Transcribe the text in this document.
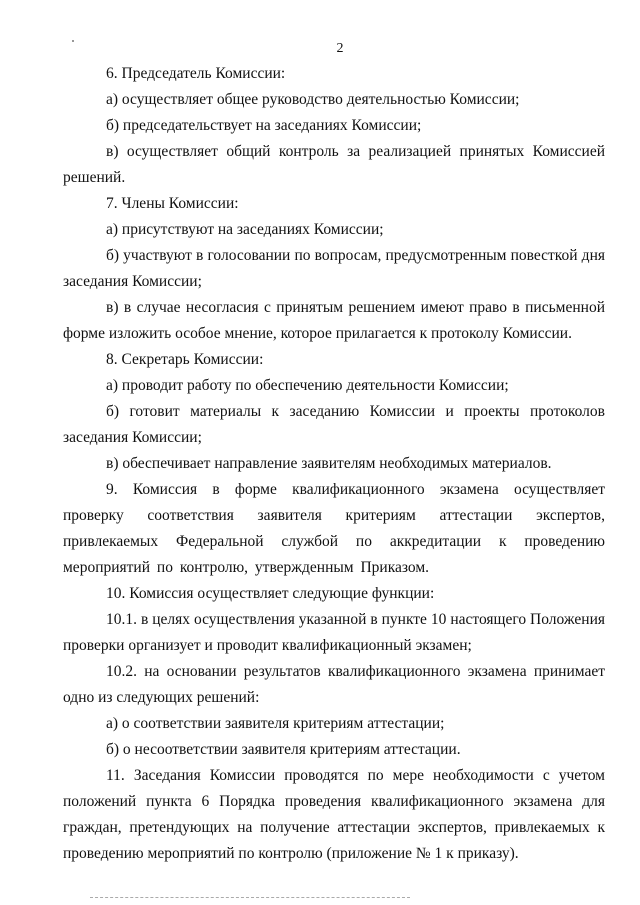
2

6. Председатель Комиссии:

а) осуществляет общее руководство деятельностью Комиссии;

б) председательствует на заседаниях Комиссии;

в) осуществляет общий контроль за реализацией принятых Комиссией решений.

7. Члены Комиссии:

а) присутствуют на заседаниях Комиссии;

б) участвуют в голосовании по вопросам, предусмотренным повесткой дня заседания Комиссии;

в) в случае несогласия с принятым решением имеют право в письменной форме изложить особое мнение, которое прилагается к протоколу Комиссии.

8. Секретарь Комиссии:

а) проводит работу по обеспечению деятельности Комиссии;

б) готовит материалы к заседанию Комиссии и проекты протоколов заседания Комиссии;

в) обеспечивает направление заявителям необходимых материалов.

9. Комиссия в форме квалификационного экзамена осуществляет проверку соответствия заявителя критериям аттестации экспертов, привлекаемых Федеральной службой по аккредитации к проведению мероприятий по контролю, утвержденным Приказом.

10. Комиссия осуществляет следующие функции:

10.1. в целях осуществления указанной в пункте 10 настоящего Положения проверки организует и проводит квалификационный экзамен;

10.2. на основании результатов квалификационного экзамена принимает одно из следующих решений:

а) о соответствии заявителя критериям аттестации;

б) о несоответствии заявителя критериям аттестации.

11. Заседания Комиссии проводятся по мере необходимости с учетом положений пункта 6 Порядка проведения квалификационного экзамена для граждан, претендующих на получение аттестации экспертов, привлекаемых к проведению мероприятий по контролю (приложение № 1 к приказу).
